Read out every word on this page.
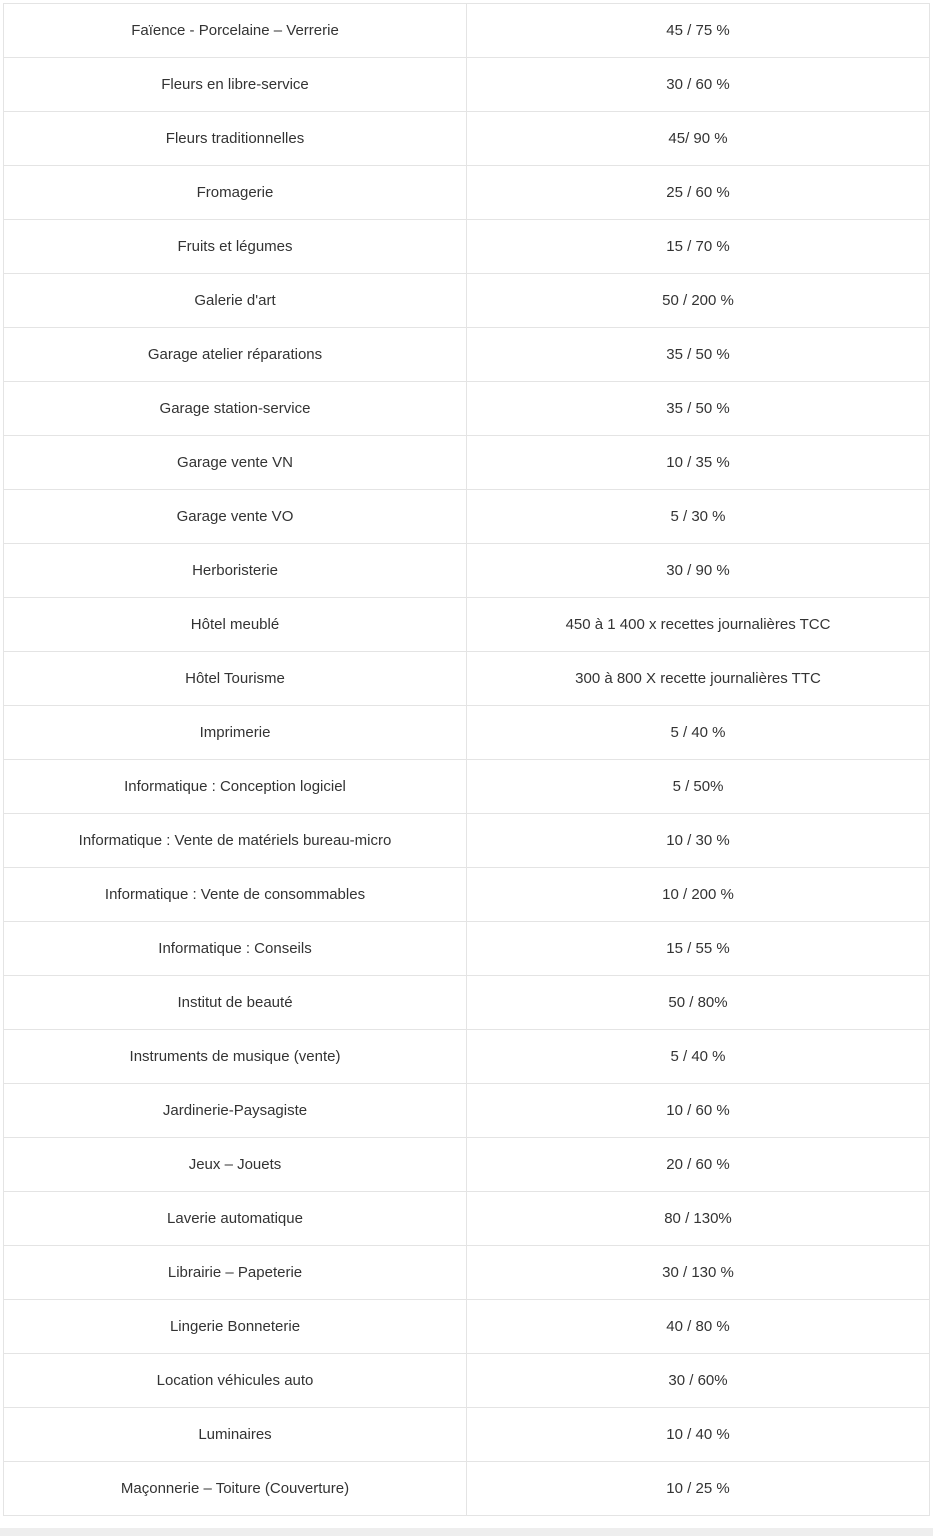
Faïence - Porcelaine – Verrerie	45 / 75 %
Fleurs en libre-service	30 / 60 %
Fleurs traditionnelles	45/ 90 %
Fromagerie	25 / 60 %
Fruits et légumes	15 / 70 %
Galerie d'art	50 / 200 %
Garage atelier réparations	35 / 50 %
Garage station-service	35 / 50 %
Garage vente VN	10 / 35 %
Garage vente VO	5 / 30 %
Herboristerie	30 / 90 %
Hôtel meublé	450 à 1 400 x recettes journalières TCC
Hôtel Tourisme	300 à 800 X recette journalières TTC
Imprimerie	5 / 40 %
Informatique : Conception logiciel	5 / 50%
Informatique : Vente de matériels bureau-micro	10 / 30 %
Informatique : Vente de consommables	10 / 200 %
Informatique : Conseils	15 / 55 %
Institut de beauté	50 / 80%
Instruments de musique (vente)	5 / 40 %
Jardinerie-Paysagiste	10 / 60 %
Jeux – Jouets	20 / 60 %
Laverie automatique	80 / 130%
Librairie – Papeterie	30 / 130 %
Lingerie Bonneterie	40 / 80 %
Location véhicules auto	30 / 60%
Luminaires	10 / 40 %
Maçonnerie – Toiture (Couverture)	10 / 25 %
